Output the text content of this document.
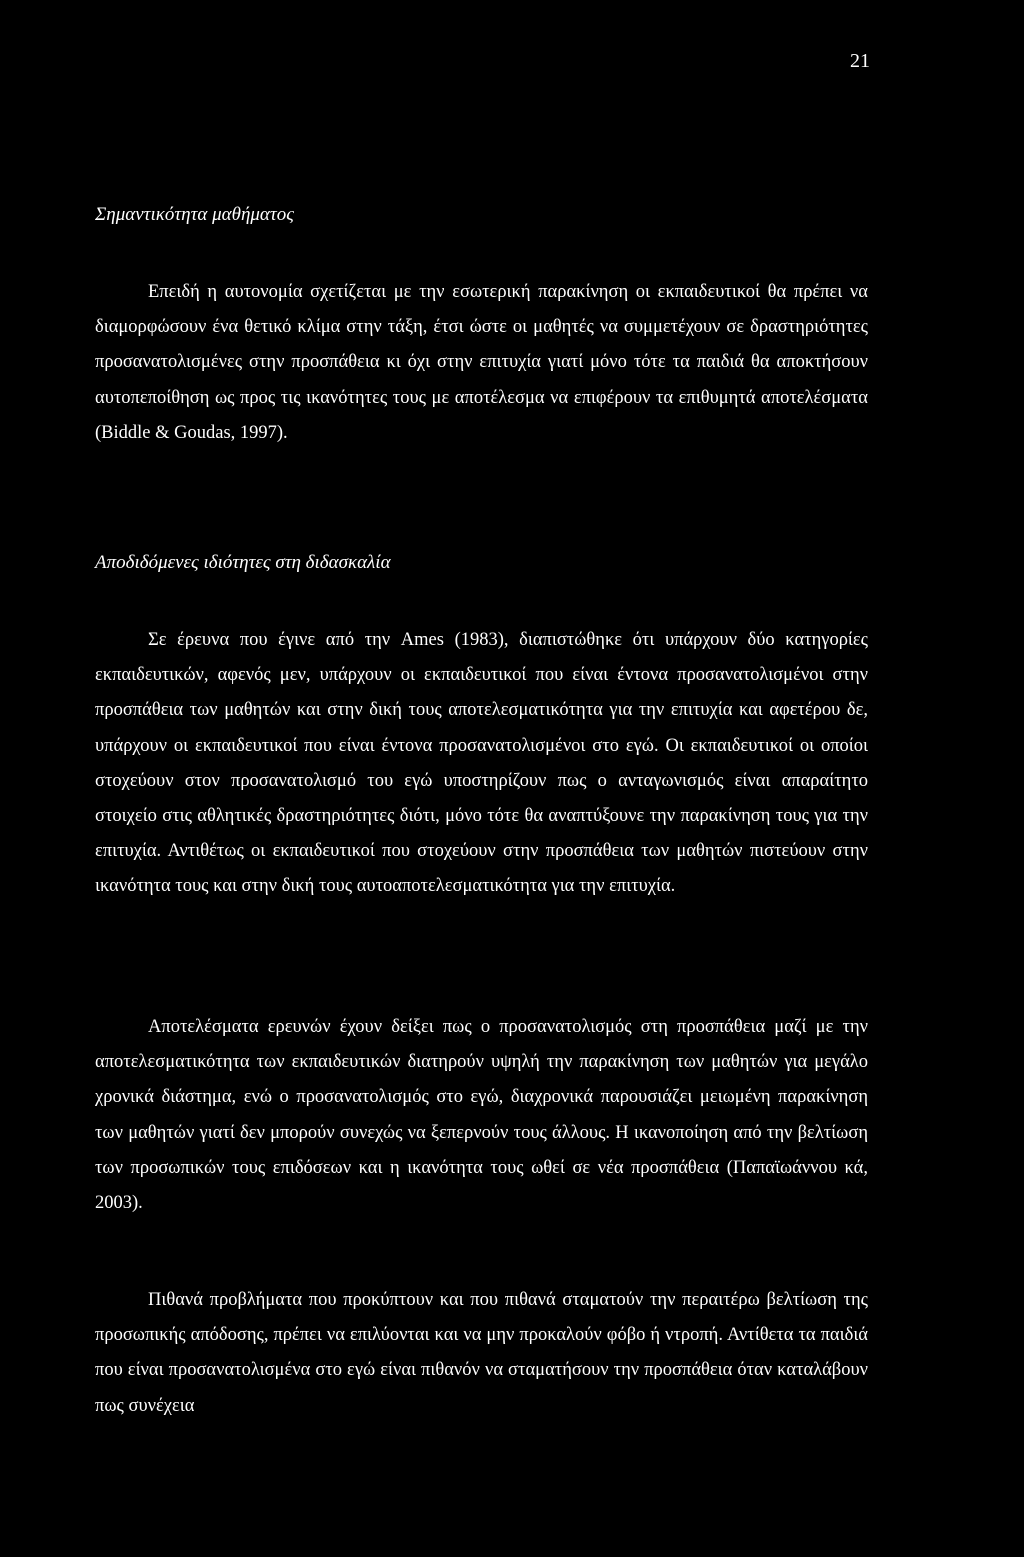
21
Σημαντικότητα μαθήματος

Επειδή η αυτονομία σχετίζεται με την εσωτερική παρακίνηση οι εκπαιδευτικοί θα πρέπει να διαμορφώσουν ένα θετικό κλίμα στην τάξη, έτσι ώστε οι μαθητές να συμμετέχουν σε δραστηριότητες προσανατολισμένες στην προσπάθεια κι όχι στην επιτυχία γιατί μόνο τότε τα παιδιά θα αποκτήσουν αυτοπεποίθηση ως προς τις ικανότητες τους με αποτέλεσμα να επιφέρουν τα επιθυμητά αποτελέσματα (Biddle & Goudas, 1997).

Αποδιδόμενες ιδιότητες στη διδασκαλία

Σε έρευνα που έγινε από την Ames (1983), διαπιστώθηκε ότι υπάρχουν δύο κατηγορίες εκπαιδευτικών, αφενός μεν, υπάρχουν οι εκπαιδευτικοί που είναι έντονα προσανατολισμένοι στην προσπάθεια των μαθητών και στην δική τους αποτελεσματικότητα για την επιτυχία και αφετέρου δε, υπάρχουν οι εκπαιδευτικοί που είναι έντονα προσανατολισμένοι στο εγώ. Οι εκπαιδευτικοί οι οποίοι στοχεύουν στον προσανατολισμό του εγώ υποστηρίζουν πως ο ανταγωνισμός είναι απαραίτητο στοιχείο στις αθλητικές δραστηριότητες διότι, μόνο τότε θα αναπτύξουνε την παρακίνηση τους για την επιτυχία. Αντιθέτως οι εκπαιδευτικοί που στοχεύουν στην προσπάθεια των μαθητών πιστεύουν στην ικανότητα τους και στην δική τους αυτοαποτελεσματικότητα για την επιτυχία.

Αποτελέσματα ερευνών έχουν δείξει πως ο προσανατολισμός στη προσπάθεια μαζί με την αποτελεσματικότητα των εκπαιδευτικών διατηρούν υψηλή την παρακίνηση των μαθητών για μεγάλο χρονικά διάστημα, ενώ ο προσανατολισμός στο εγώ, διαχρονικά παρουσιάζει μειωμένη παρακίνηση των μαθητών γιατί δεν μπορούν συνεχώς να ξεπερνούν τους άλλους. Η ικανοποίηση από την βελτίωση των προσωπικών τους επιδόσεων και η ικανότητα τους ωθεί σε νέα προσπάθεια (Παπαϊωάννου κά, 2003).

Πιθανά προβλήματα που προκύπτουν και που πιθανά σταματούν την περαιτέρω βελτίωση της προσωπικής απόδοσης, πρέπει να επιλύονται και να μην προκαλούν φόβο ή ντροπή. Αντίθετα τα παιδιά που είναι προσανατολισμένα στο εγώ είναι πιθανόν να σταματήσουν την προσπάθεια όταν καταλάβουν πως συνέχεια
